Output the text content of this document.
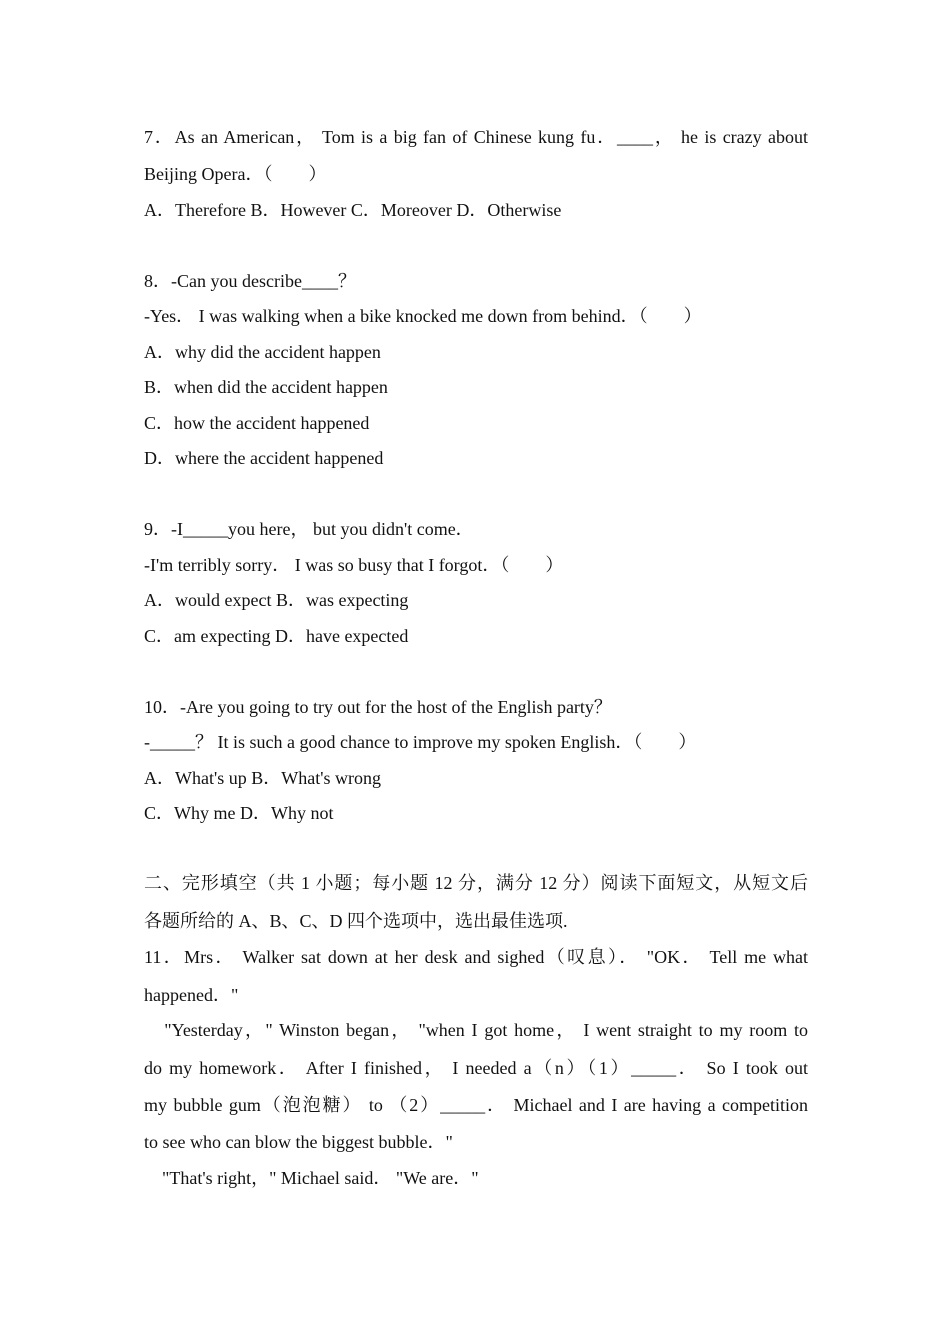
7．As an American， Tom is a big fan of Chinese kung fu．____， he is crazy about
Beijing Opera．（　　）
A．Therefore B．However C．Moreover D．Otherwise
8．-Can you describe____？
-Yes． I was walking when a bike knocked me down from behind．（　　）
A．why did the accident happen
B．when did the accident happen
C．how the accident happened
D．where the accident happened
9．-I_____you here， but you didn't come．
-I'm terribly sorry． I was so busy that I forgot．（　　）
A．would expect B．was expecting
C．am expecting D．have expected
10．-Are you going to try out for the host of the English party？
-_____？ It is such a good chance to improve my spoken English．（　　）
A．What's up B．What's wrong
C．Why me D．Why not
二、完形填空（共 1 小题；每小题 12 分，满分 12 分）阅读下面短文，从短文后
各题所给的 A、B、C、D 四个选项中，选出最佳选项.
11．Mrs． Walker sat down at her desk and sighed（叹息）． "OK． Tell me what
happened．"
　"Yesterday，" Winston began， "when I got home， I went straight to my room to
do my homework． After I finished， I needed a（n）（1）_____． So I took out
my bubble gum（泡泡糖） to （2）_____． Michael and I are having a competition
to see who can blow the biggest bubble．"
　"That's right，" Michael said． "We are．"
